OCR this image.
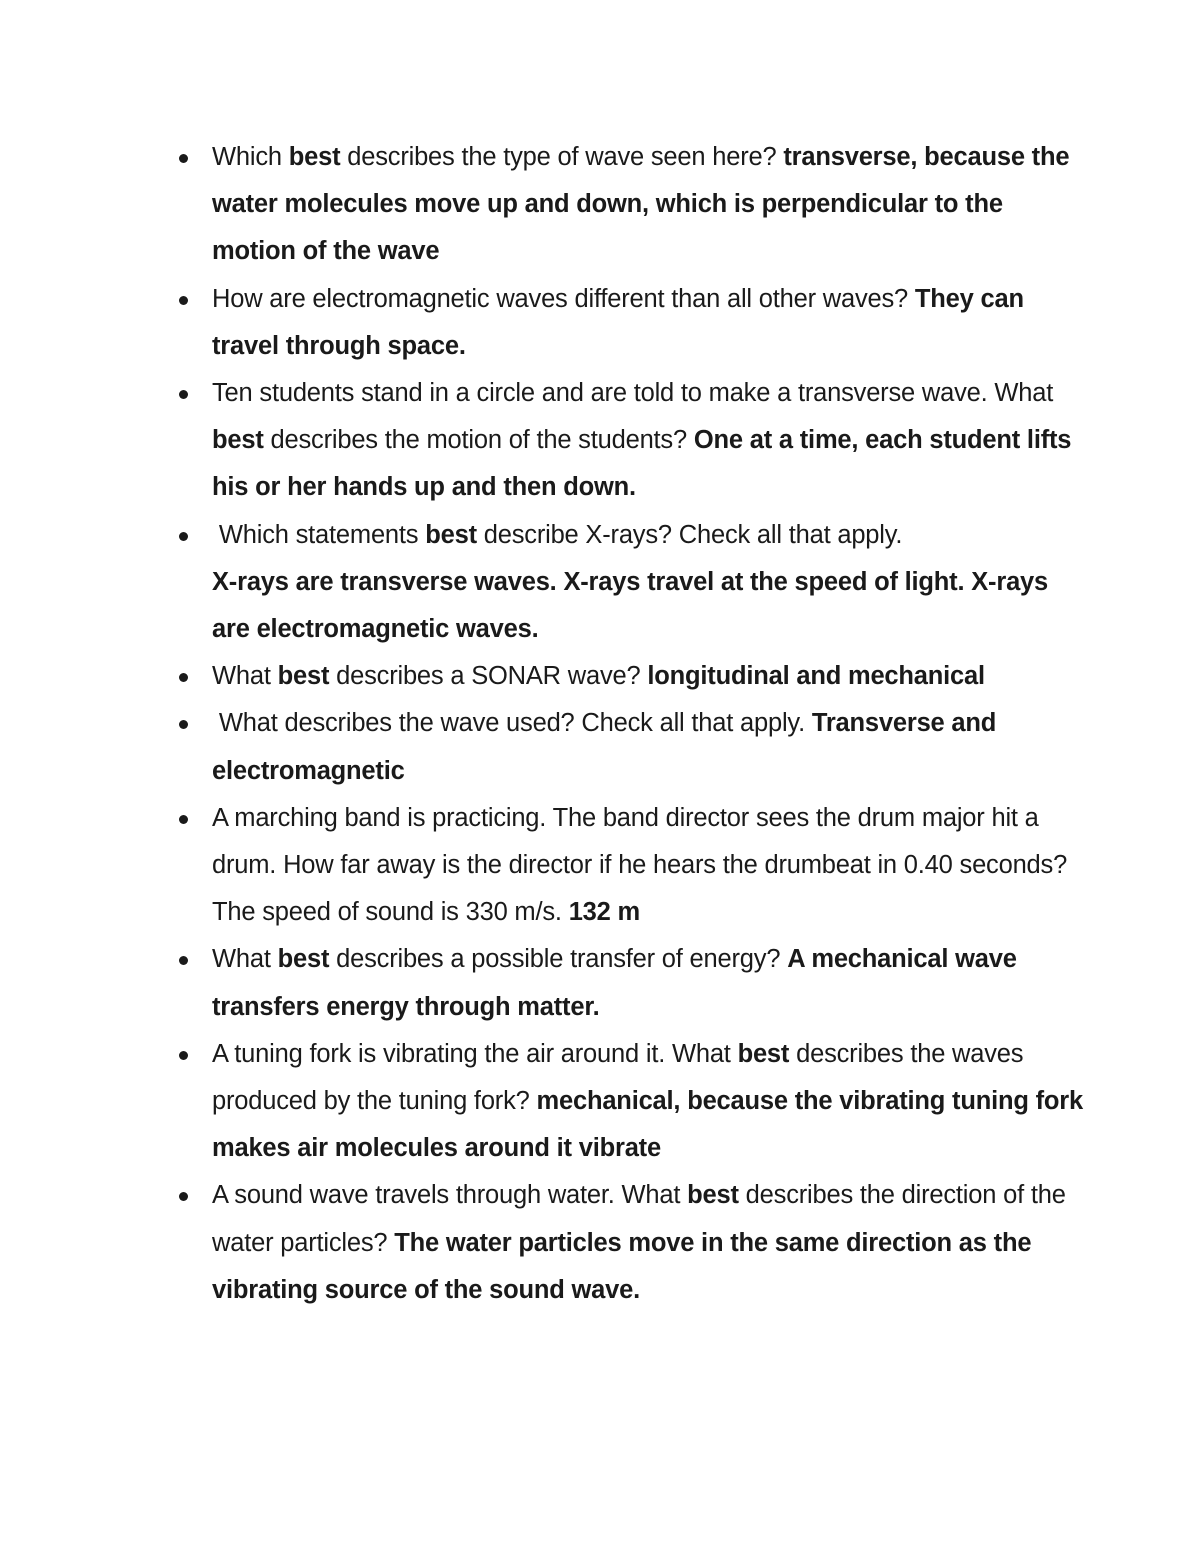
Which best describes the type of wave seen here? transverse, because the water molecules move up and down, which is perpendicular to the motion of the wave
How are electromagnetic waves different than all other waves? They can travel through space.
Ten students stand in a circle and are told to make a transverse wave. What best describes the motion of the students? One at a time, each student lifts his or her hands up and then down.
Which statements best describe X-rays? Check all that apply.
X-rays are transverse waves. X-rays travel at the speed of light. X-rays are electromagnetic waves.
What best describes a SONAR wave? longitudinal and mechanical
What describes the wave used? Check all that apply. Transverse and electromagnetic
A marching band is practicing. The band director sees the drum major hit a drum. How far away is the director if he hears the drumbeat in 0.40 seconds? The speed of sound is 330 m/s. 132 m
What best describes a possible transfer of energy? A mechanical wave transfers energy through matter.
A tuning fork is vibrating the air around it. What best describes the waves produced by the tuning fork? mechanical, because the vibrating tuning fork makes air molecules around it vibrate
A sound wave travels through water. What best describes the direction of the water particles? The water particles move in the same direction as the vibrating source of the sound wave.
